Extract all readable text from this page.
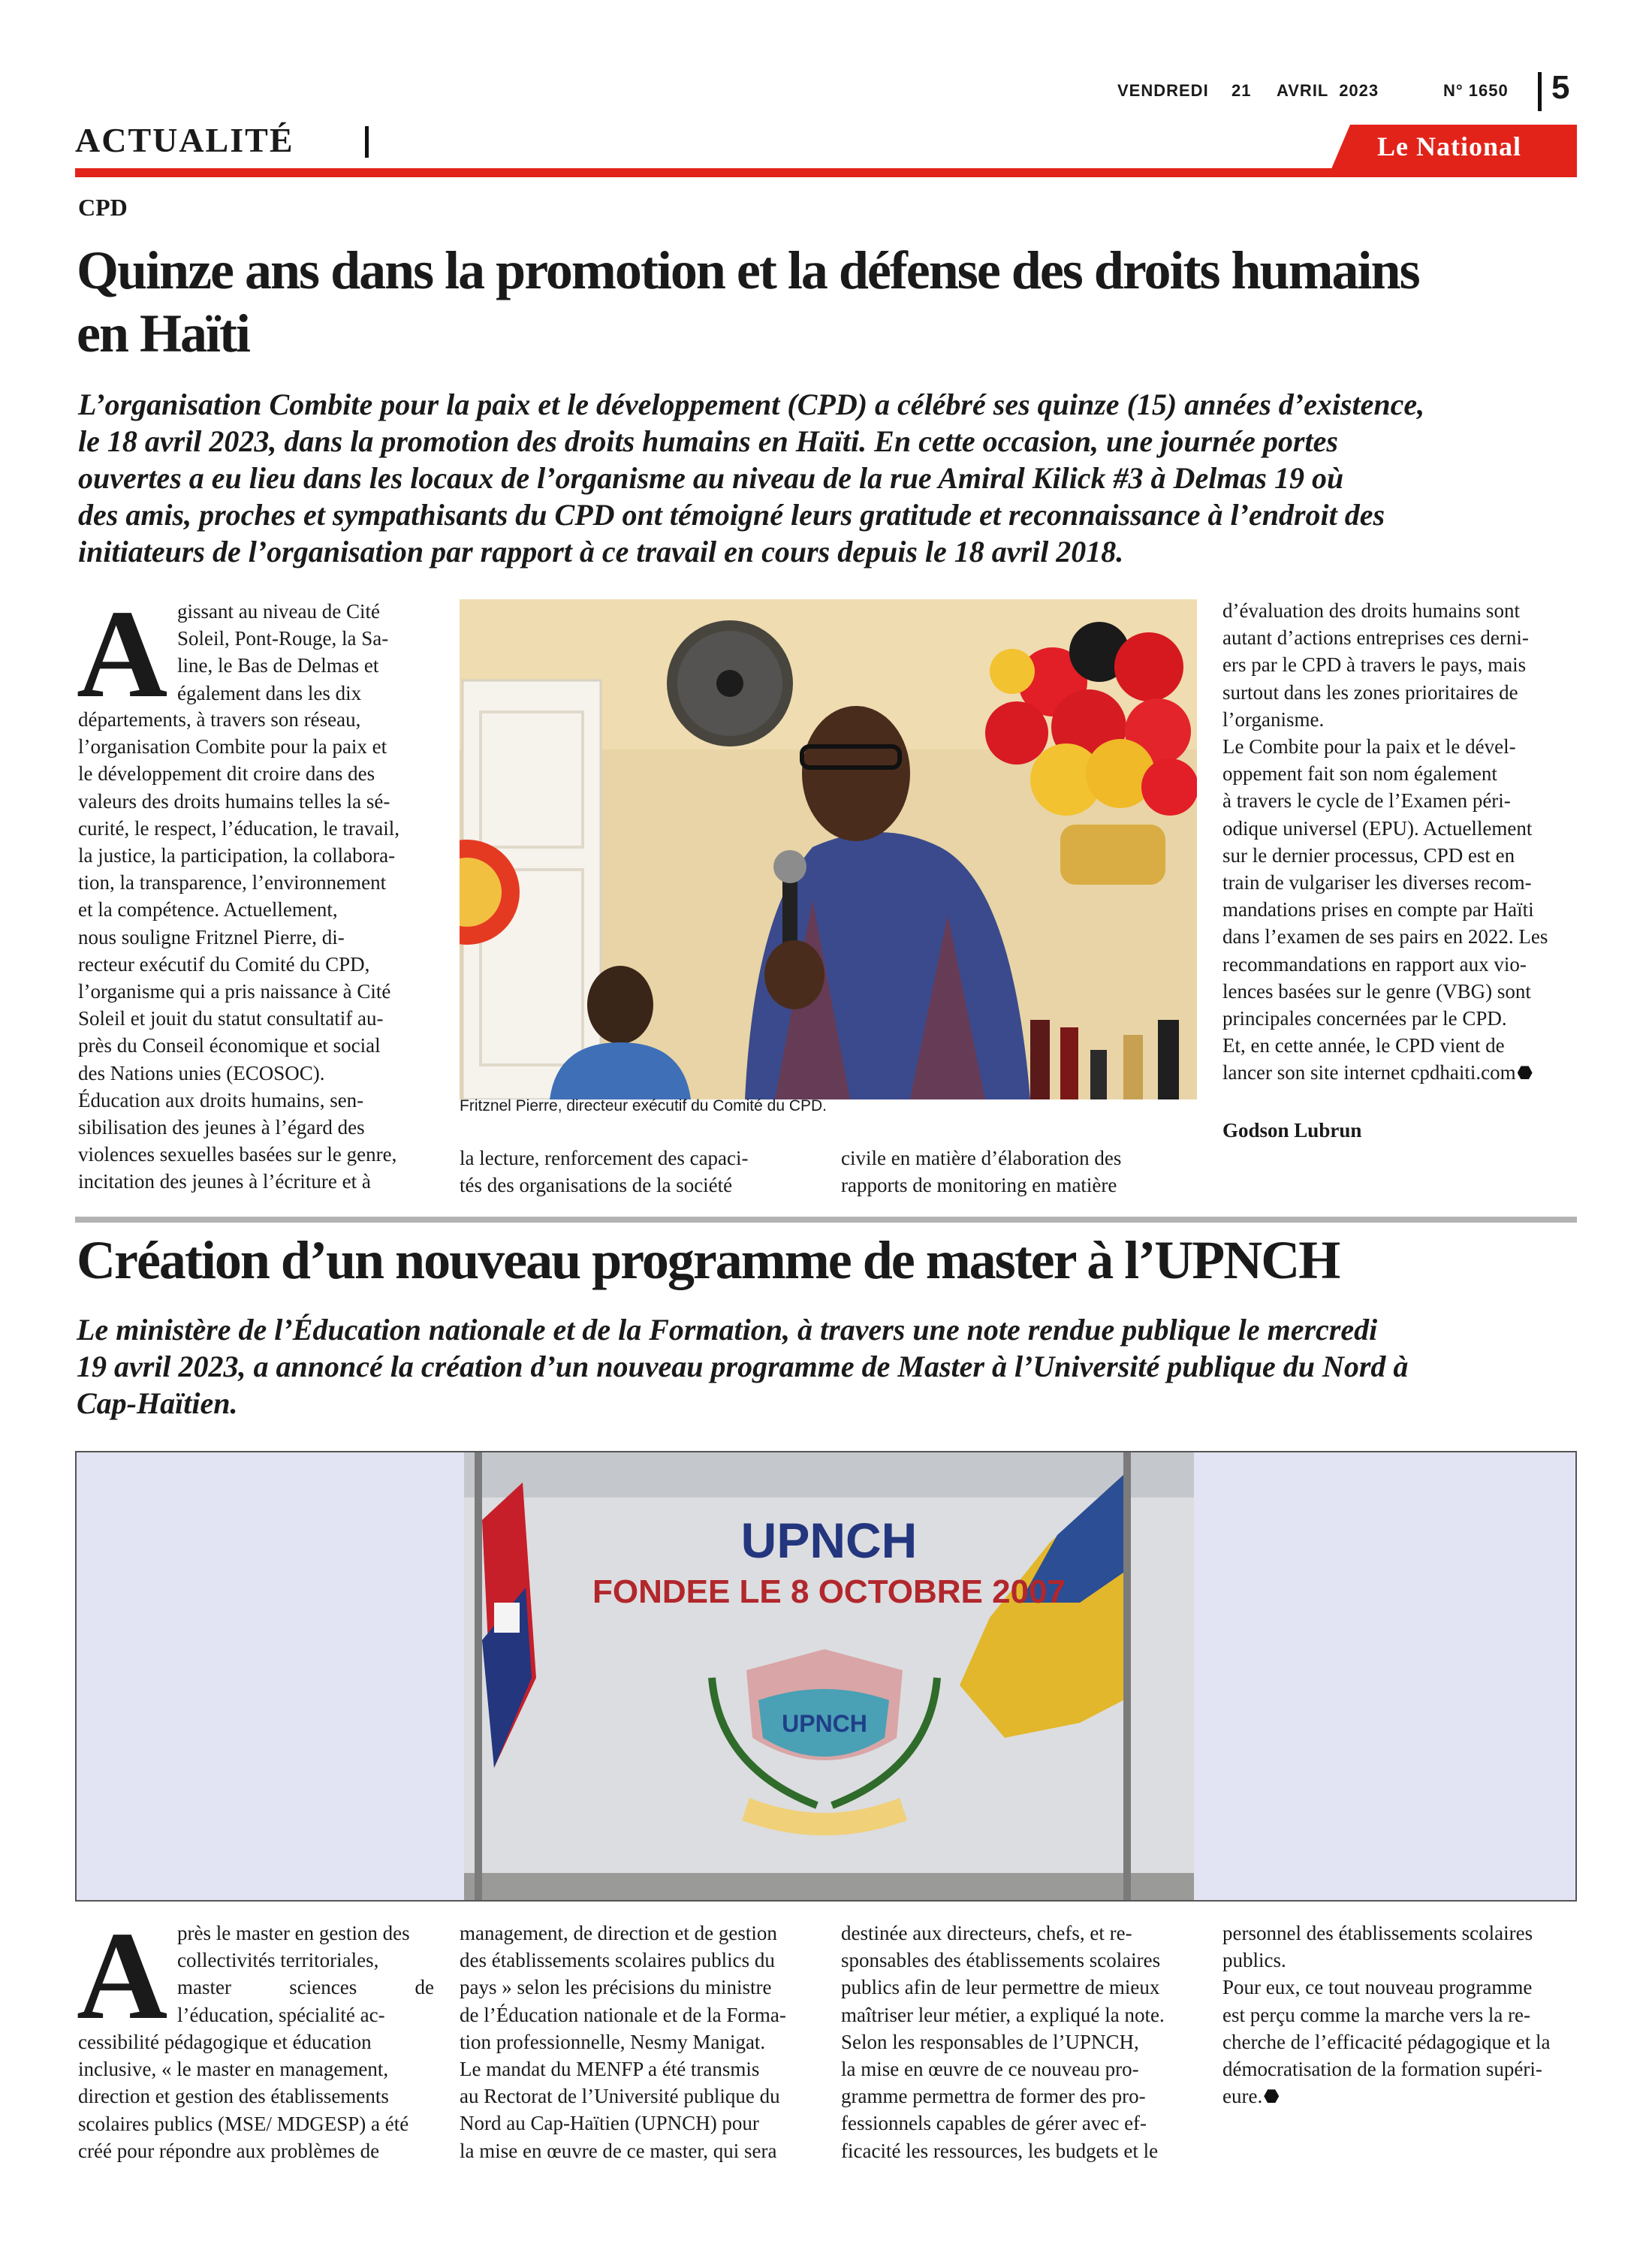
VENDREDI 21 AVRIL  2023	N° 1650 5
ACTUALITÉ	Le National
CPD
Quinze ans dans la promotion et la défense des droits humains
en Haïti
L’organisation Combite pour la paix et le développement (CPD) a célébré ses quinze (15) années d’existence,
le 18 avril 2023, dans la promotion des droits humains en Haïti. En cette occasion, une journée portes
ouvertes a eu lieu dans les locaux de l’organisme au niveau de la rue Amiral Kilick #3 à Delmas 19 où
des amis, proches et sympathisants du CPD ont témoigné leurs gratitude et reconnaissance à l’endroit des
initiateurs de l’organisation par rapport à ce travail en cours depuis le 18 avril 2018.
A gissant au niveau de Cité

Soleil, Pont-Rouge, la Sa-

line, le Bas de Delmas et

également dans les dix

départements, à travers son réseau,

l’organisation Combite pour la paix et

le développement dit croire dans des

valeurs des droits humains telles la sé-

curité, le respect, l’éducation, le travail,

la justice, la participation, la collabora-

tion, la transparence, l’environnement

et la compétence. Actuellement,

nous souligne Fritznel Pierre, di-

recteur exécutif du Comité du CPD,

l’organisme qui a pris naissance à Cité

Soleil et jouit du statut consultatif au-

près du Conseil économique et social

des Nations unies (ECOSOC).

Éducation aux droits humains, sen-

sibilisation des jeunes à l’égard des

violences sexuelles basées sur le genre,

incitation des jeunes à l’écriture et à

Fritznel Pierre, directeur exécutif du Comité du CPD.

la lecture, renforcement des capaci-

tés des organisations de la société

civile en matière d’élaboration des

rapports de monitoring en matière

d’évaluation des droits humains sont

autant d’actions entreprises ces derni-

ers par le CPD à travers le pays, mais

surtout dans les zones prioritaires de

l’organisme.

Le Combite pour la paix et le dével-

oppement fait son nom également

à travers le cycle de l’Examen péri-

odique universel (EPU). Actuellement

sur le dernier processus, CPD est en

train de vulgariser les diverses recom-

mandations prises en compte par Haïti

dans l’examen de ses pairs en 2022. Les

recommandations en rapport aux vio-

lences basées sur le genre (VBG) sont

principales concernées par le CPD.

Et, en cette année, le CPD vient de

lancer son site internet cpdhaiti.com

Godson Lubrun
Création d’un nouveau programme de master à l’UPNCH
Le ministère de l’Éducation nationale et de la Formation, à travers une note rendue publique le mercredi
19 avril 2023, a annoncé la création d’un nouveau programme de Master à l’Université publique du Nord à
Cap-Haïtien.
UPNCH
UPNCH
FONDEE LE 8 OCTOBRE 2007
A près le master en gestion des

collectivités territoriales,

master sciences de

l’éducation, spécialité ac-

cessibilité pédagogique et éducation

inclusive, « le master en management,

direction et gestion des établissements

scolaires publics (MSE/ MDGESP) a été

créé pour répondre aux problèmes de

management, de direction et de gestion

des établissements scolaires publics du

pays » selon les précisions du ministre

de l’Éducation nationale et de la Forma-

tion professionnelle, Nesmy Manigat.

Le mandat du MENFP a été transmis

au Rectorat de l’Université publique du

Nord au Cap-Haïtien (UPNCH) pour

la mise en œuvre de ce master, qui sera

destinée aux directeurs, chefs, et re-

sponsables des établissements scolaires

publics afin de leur permettre de mieux

maîtriser leur métier, a expliqué la note.

Selon les responsables de l’UPNCH,

la mise en œuvre de ce nouveau pro-

gramme permettra de former des pro-

fessionnels capables de gérer avec ef-

ficacité les ressources, les budgets et le

personnel des établissements scolaires

publics.

Pour eux, ce tout nouveau programme

est perçu comme la marche vers la re-

cherche de l’efficacité pédagogique et la

démocratisation de la formation supéri-

eure.
